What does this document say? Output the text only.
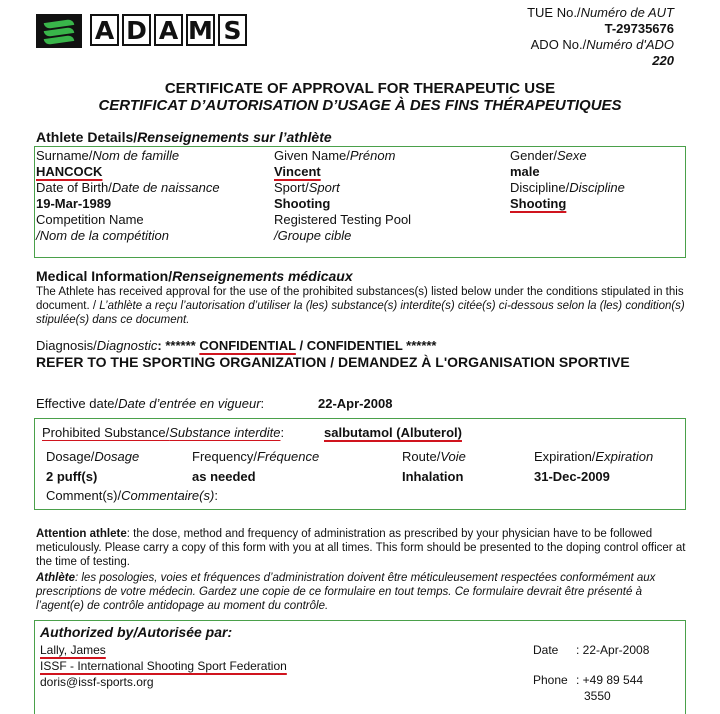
A D A M S
TUE No./Numéro de AUT
T-29735676
ADO No./Numéro d'ADO
220
CERTIFICATE OF APPROVAL FOR THERAPEUTIC USE
CERTIFICAT D’AUTORISATION D’USAGE À DES FINS THÉRAPEUTIQUES
Athlete Details/Renseignements sur l’athlète
Surname/Nom de famille
HANCOCK
Given Name/Prénom
Vincent
Gender/Sexe
male
Date of Birth/Date de naissance
19-Mar-1989
Sport/Sport
Shooting
Discipline/Discipline
Shooting
Competition Name
/Nom de la compétition
Registered Testing Pool
/Groupe cible
Medical Information/Renseignements médicaux
The Athlete has received approval for the use of the prohibited substances(s) listed below under the conditions stipulated in this document. / L’athlète a reçu l’autorisation d’utiliser la (les) substance(s) interdite(s) citée(s) ci-dessous selon la (les) condition(s) stipulée(s) dans ce document.
Diagnosis/Diagnostic: ****** CONFIDENTIAL / CONFIDENTIEL ******
REFER TO THE SPORTING ORGANIZATION / DEMANDEZ À L'ORGANISATION SPORTIVE
Effective date/Date d’entrée en vigueur:	22-Apr-2008
Prohibited Substance/Substance interdite:	salbutamol (Albuterol)
Dosage/Dosage
2 puff(s)
Frequency/Fréquence
as needed
Route/Voie
Inhalation
Expiration/Expiration
31-Dec-2009
Comment(s)/Commentaire(s):
Attention athlete: the dose, method and frequency of administration as prescribed by your physician have to be followed meticulously. Please carry a copy of this form with you at all times. This form should be presented to the doping control officer at the time of testing.
Athlète: les posologies, voies et fréquences d’administration doivent être méticuleusement respectées conformément aux prescriptions de votre médecin. Gardez une copie de ce formulaire en tout temps. Ce formulaire devrait être présenté à l’agent(e) de contrôle antidopage au moment du contrôle.
Authorized by/Autorisée par:
Lally, James
ISSF - International Shooting Sport Federation
doris@issf-sports.org
Date : 22-Apr-2008
Phone : +49 89 544
3550
